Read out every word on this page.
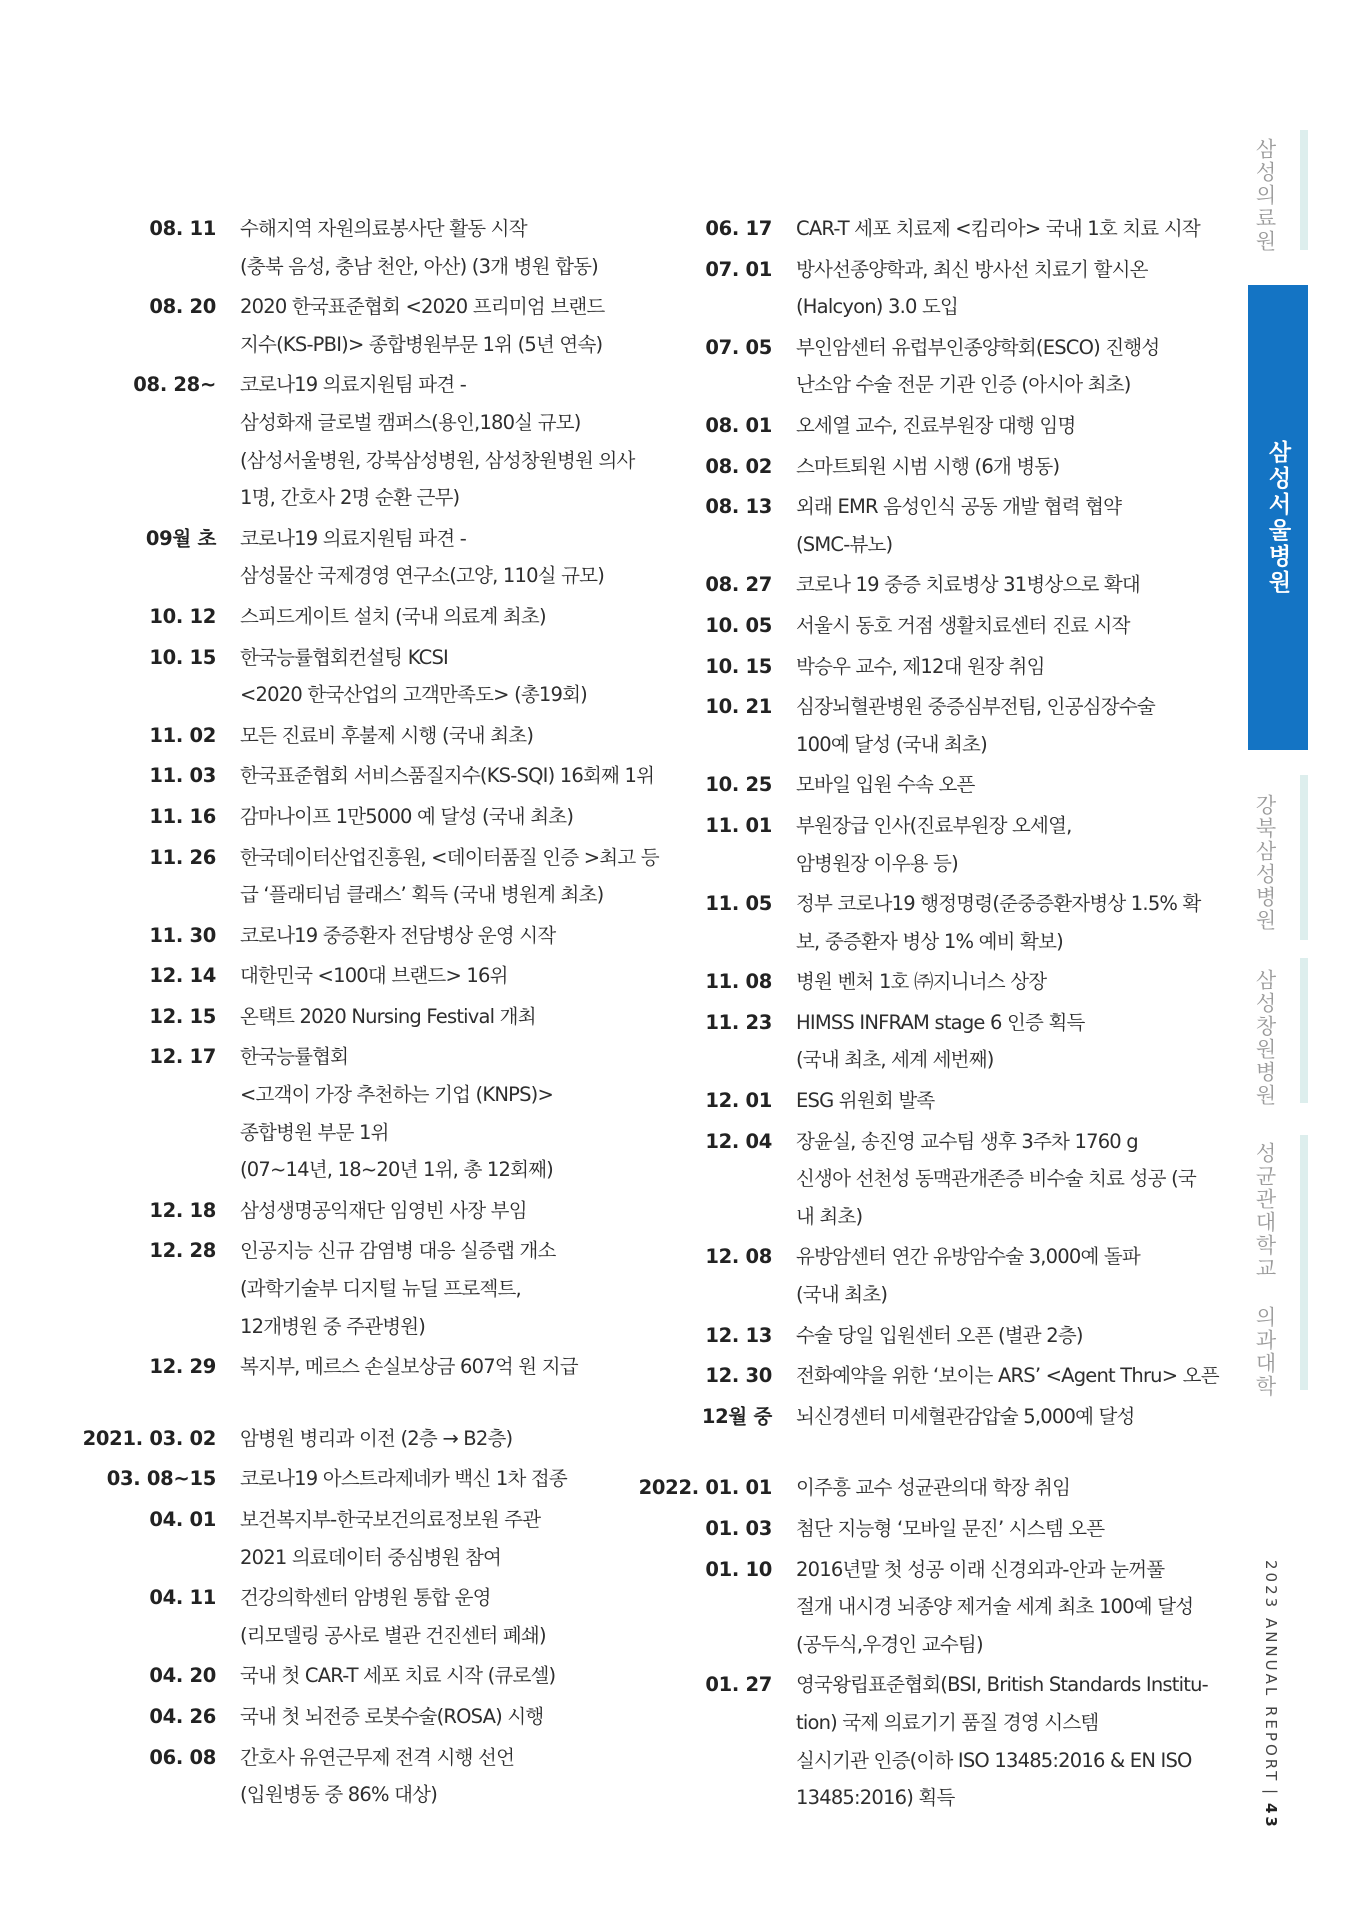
08. 11 수해지역 자원의료봉사단 활동 시작
(충북 음성, 충남 천안, 아산) (3개 병원 합동)
08. 20 2020 한국표준협회 <2020 프리미엄 브랜드
지수(KS-PBI)> 종합병원부문 1위 (5년 연속)
08. 28~ 코로나19 의료지원팀 파견 -
삼성화재 글로벌 캠퍼스(용인,180실 규모)
(삼성서울병원, 강북삼성병원, 삼성창원병원 의사
1명, 간호사 2명 순환 근무)
09월 초 코로나19 의료지원팀 파견 -
삼성물산 국제경영 연구소(고양, 110실 규모)
10. 12 스피드게이트 설치 (국내 의료계 최초)
10. 15 한국능률협회컨설팅 KCSI
<2020 한국산업의 고객만족도> (총19회)
11. 02 모든 진료비 후불제 시행 (국내 최초)
11. 03 한국표준협회 서비스품질지수(KS-SQI) 16회째 1위
11. 16 감마나이프 1만5000 예 달성 (국내 최초)
11. 26 한국데이터산업진흥원, <데이터품질 인증 >최고 등
급 ‘플래티넘 클래스’ 획득 (국내 병원계 최초)
11. 30 코로나19 중증환자 전담병상 운영 시작
12. 14 대한민국 <100대 브랜드> 16위
12. 15 온택트 2020 Nursing Festival 개최
12. 17 한국능률협회
<고객이 가장 추천하는 기업 (KNPS)>
종합병원 부문 1위
(07~14년, 18~20년 1위, 총 12회째)
12. 18 삼성생명공익재단 임영빈 사장 부임
12. 28 인공지능 신규 감염병 대응 실증랩 개소
(과학기술부 디지털 뉴딜 프로젝트,
12개병원 중 주관병원)
12. 29 복지부, 메르스 손실보상금 607억 원 지급
2021. 03. 02 암병원 병리과 이전 (2층 → B2층)
03. 08~15 코로나19 아스트라제네카 백신 1차 접종
04. 01 보건복지부-한국보건의료정보원 주관
2021 의료데이터 중심병원 참여
04. 11 건강의학센터 암병원 통합 운영
(리모델링 공사로 별관 건진센터 폐쇄)
04. 20 국내 첫 CAR-T 세포 치료 시작 (큐로셀)
04. 26 국내 첫 뇌전증 로봇수술(ROSA) 시행
06. 08 간호사 유연근무제 전격 시행 선언
(입원병동 중 86% 대상)
06. 17 CAR-T 세포 치료제 <킴리아> 국내 1호 치료 시작
07. 01 방사선종양학과, 최신 방사선 치료기 할시온
(Halcyon) 3.0 도입
07. 05 부인암센터 유럽부인종양학회(ESCO) 진행성
난소암 수술 전문 기관 인증 (아시아 최초)
08. 01 오세열 교수, 진료부원장 대행 임명
08. 02 스마트퇴원 시범 시행 (6개 병동)
08. 13 외래 EMR 음성인식 공동 개발 협력 협약
(SMC-뷰노)
08. 27 코로나 19 중증 치료병상 31병상으로 확대
10. 05 서울시 동호 거점 생활치료센터 진료 시작
10. 15 박승우 교수, 제12대 원장 취임
10. 21 심장뇌혈관병원 중증심부전팀, 인공심장수술
100예 달성 (국내 최초)
10. 25 모바일 입원 수속 오픈
11. 01 부원장급 인사(진료부원장 오세열,
암병원장 이우용 등)
11. 05 정부 코로나19 행정명령(준중증환자병상 1.5% 확
보, 중증환자 병상 1% 예비 확보)
11. 08 병원 벤처 1호 ㈜지니너스 상장
11. 23 HIMSS INFRAM stage 6 인증 획득
(국내 최초, 세계 세번째)
12. 01 ESG 위원회 발족
12. 04 장윤실, 송진영 교수팀 생후 3주차 1760 g
신생아 선천성 동맥관개존증 비수술 치료 성공 (국
내 최초)
12. 08 유방암센터 연간 유방암수술 3,000예 돌파
(국내 최초)
12. 13 수술 당일 입원센터 오픈 (별관 2층)
12. 30 전화예약을 위한 ‘보이는 ARS’ <Agent Thru> 오픈
12월 중 뇌신경센터 미세혈관감압술 5,000예 달성
2022. 01. 01 이주흥 교수 성균관의대 학장 취임
01. 03 첨단 지능형 ‘모바일 문진’ 시스템 오픈
01. 10 2016년말 첫 성공 이래 신경외과-안과 눈꺼풀
절개 내시경 뇌종양 제거술 세계 최초 100예 달성
(공두식,우경인 교수팀)
01. 27 영국왕립표준협회(BSI, British Standards Institu-
tion) 국제 의료기기 품질 경영 시스템
실시기관 인증(이하 ISO 13485:2016 & EN ISO
13485:2016) 획득
삼성의료원
삼성서울병원
강북삼성병원
삼성창원병원
성균관대학교 의과대학
2023 ANNUAL REPORT
|
43
